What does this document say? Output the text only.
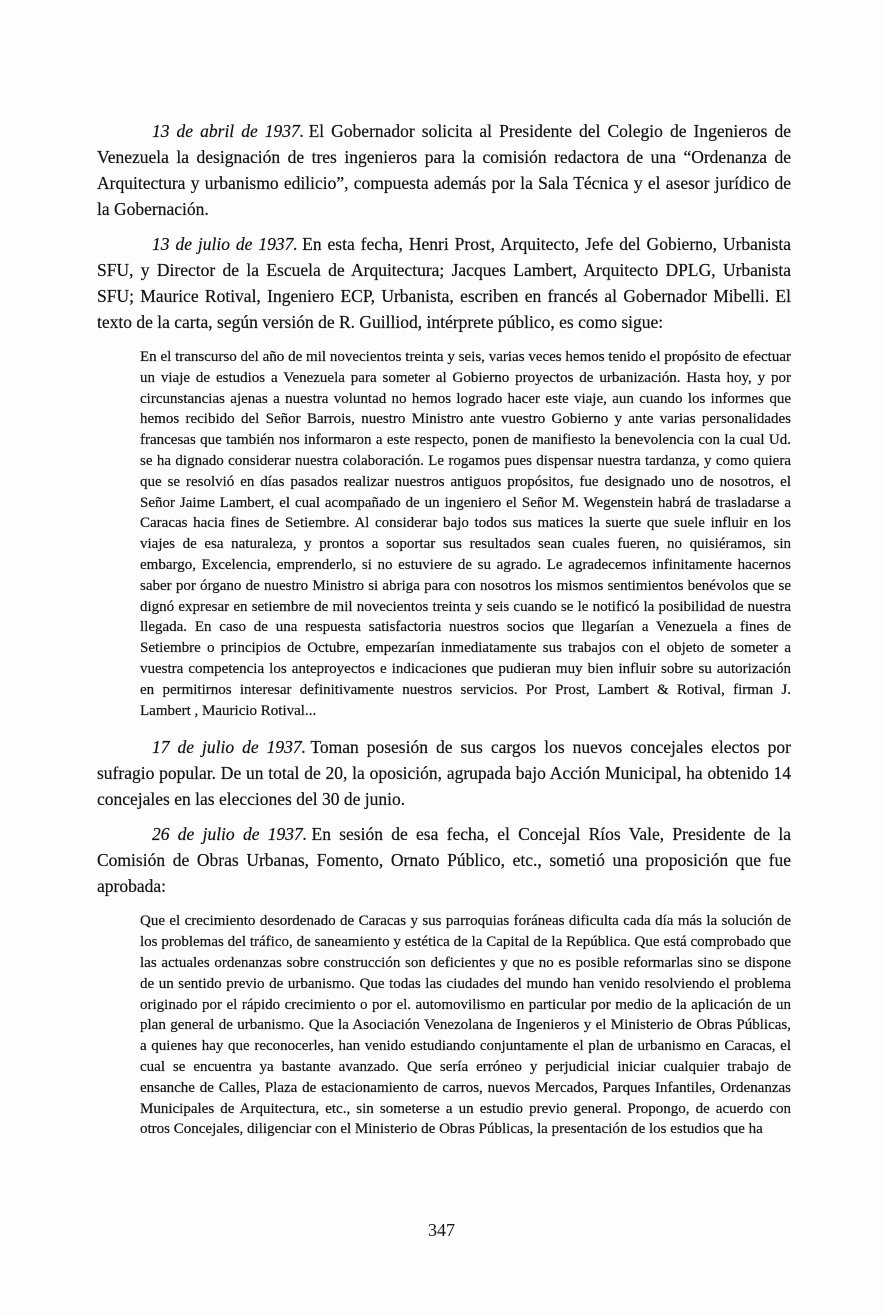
13 de abril de 1937. El Gobernador solicita al Presidente del Colegio de Ingenieros de Venezuela la designación de tres ingenieros para la comisión redactora de una “Ordenanza de Arquitectura y urbanismo edilicio”, compuesta además por la Sala Técnica y el asesor jurídico de la Gobernación.

13 de julio de 1937. En esta fecha, Henri Prost, Arquitecto, Jefe del Gobierno, Urbanista SFU, y Director de la Escuela de Arquitectura; Jacques Lambert, Arquitecto DPLG, Urbanista SFU; Maurice Rotival, Ingeniero ECP, Urbanista, escriben en francés al Gobernador Mibelli. El texto de la carta, según versión de R. Guilliod, intérprete público, es como sigue:

En el transcurso del año de mil novecientos treinta y seis, varias veces hemos tenido el propósito de efectuar un viaje de estudios a Venezuela para someter al Gobierno proyectos de urbanización. Hasta hoy, y por circunstancias ajenas a nuestra voluntad no hemos logrado hacer este viaje, aun cuando los informes que hemos recibido del Señor Barrois, nuestro Ministro ante vuestro Gobierno y ante varias personalidades francesas que también nos informaron a este respecto, ponen de manifiesto la benevolencia con la cual Ud. se ha dignado considerar nuestra colaboración. Le rogamos pues dispensar nuestra tardanza, y como quiera que se resolvió en días pasados realizar nuestros antiguos propósitos, fue designado uno de nosotros, el Señor Jaime Lambert, el cual acompañado de un ingeniero el Señor M. Wegenstein habrá de trasladarse a Caracas hacia fines de Setiembre. Al considerar bajo todos sus matices la suerte que suele influir en los viajes de esa naturaleza, y prontos a soportar sus resultados sean cuales fueren, no quisiéramos, sin embargo, Excelencia, emprenderlo, si no estuviere de su agrado. Le agradecemos infinitamente hacernos saber por órgano de nuestro Ministro si abriga para con nosotros los mismos sentimientos benévolos que se dignó expresar en setiembre de mil novecientos treinta y seis cuando se le notificó la posibilidad de nuestra llegada. En caso de una respuesta satisfactoria nuestros socios que llegarían a Venezuela a fines de Setiembre o principios de Octubre, empezarían inmediatamente sus trabajos con el objeto de someter a vuestra competencia los anteproyectos e indicaciones que pudieran muy bien influir sobre su autorización en permitirnos interesar definitivamente nuestros servicios. Por Prost, Lambert & Rotival, firman J. Lambert , Mauricio Rotival...

17 de julio de 1937. Toman posesión de sus cargos los nuevos concejales electos por sufragio popular. De un total de 20, la oposición, agrupada bajo Acción Municipal, ha obtenido 14 concejales en las elecciones del 30 de junio.

26 de julio de 1937. En sesión de esa fecha, el Concejal Ríos Vale, Presidente de la Comisión de Obras Urbanas, Fomento, Ornato Público, etc., sometió una proposición que fue aprobada:

Que el crecimiento desordenado de Caracas y sus parroquias foráneas dificulta cada día más la solución de los problemas del tráfico, de saneamiento y estética de la Capital de la República. Que está comprobado que las actuales ordenanzas sobre construcción son deficientes y que no es posible reformarlas sino se dispone de un sentido previo de urbanismo. Que todas las ciudades del mundo han venido resolviendo el problema originado por el rápido crecimiento o por el. automovilismo en particular por medio de la aplicación de un plan general de urbanismo. Que la Asociación Venezolana de Ingenieros y el Ministerio de Obras Públicas, a quienes hay que reconocerles, han venido estudiando conjuntamente el plan de urbanismo en Caracas, el cual se encuentra ya bastante avanzado. Que sería erróneo y perjudicial iniciar cualquier trabajo de ensanche de Calles, Plaza de estacionamiento de carros, nuevos Mercados, Parques Infantiles, Ordenanzas Municipales de Arquitectura, etc., sin someterse a un estudio previo general. Propongo, de acuerdo con otros Concejales, diligenciar con el Ministerio de Obras Públicas, la presentación de los estudios que ha
347
